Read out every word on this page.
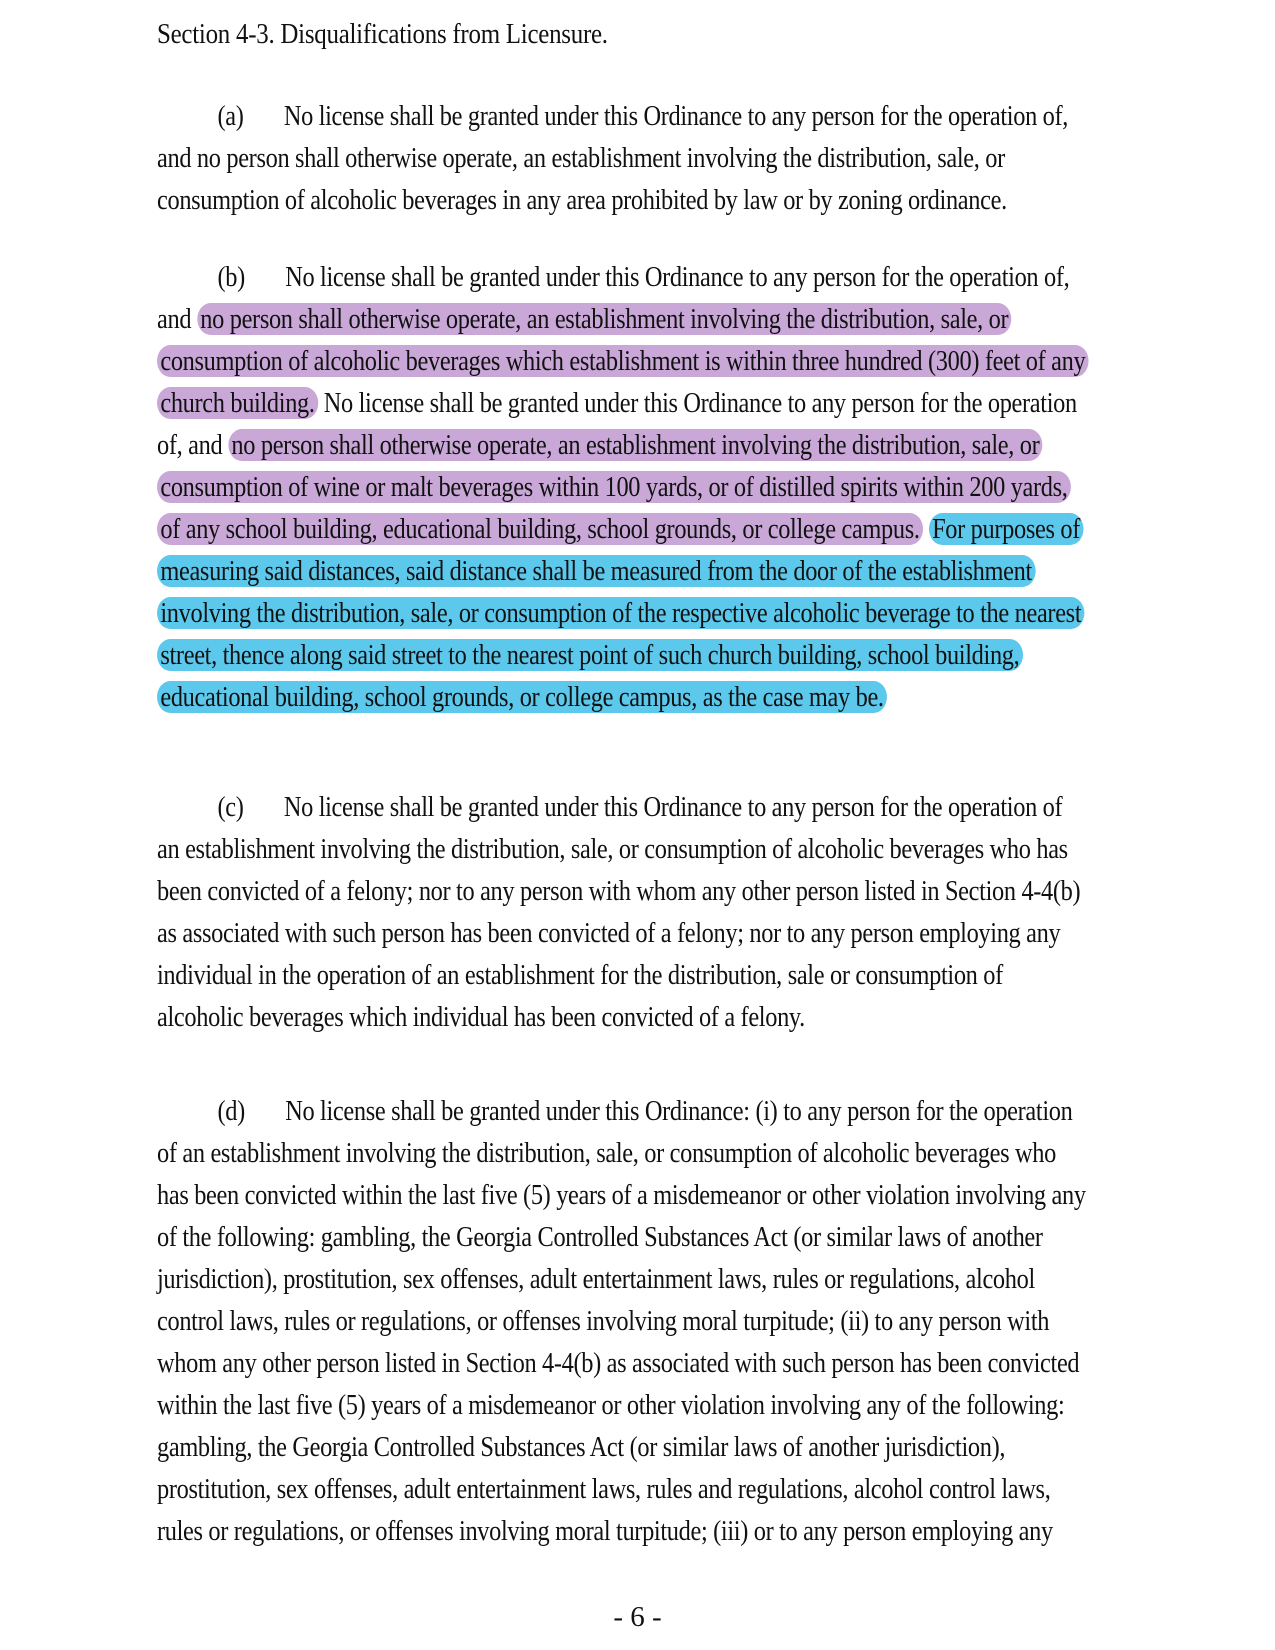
Section 4-3. Disqualifications from Licensure.
(a) No license shall be granted under this Ordinance to any person for the operation of,
and no person shall otherwise operate, an establishment involving the distribution, sale, or
consumption of alcoholic beverages in any area prohibited by law or by zoning ordinance.
(b) No license shall be granted under this Ordinance to any person for the operation of,
and no person shall otherwise operate, an establishment involving the distribution, sale, or
consumption of alcoholic beverages which establishment is within three hundred (300) feet of any
church building. No license shall be granted under this Ordinance to any person for the operation
of, and no person shall otherwise operate, an establishment involving the distribution, sale, or
consumption of wine or malt beverages within 100 yards, or of distilled spirits within 200 yards,
of any school building, educational building, school grounds, or college campus. For purposes of
measuring said distances, said distance shall be measured from the door of the establishment
involving the distribution, sale, or consumption of the respective alcoholic beverage to the nearest
street, thence along said street to the nearest point of such church building, school building,
educational building, school grounds, or college campus, as the case may be.
(c) No license shall be granted under this Ordinance to any person for the operation of
an establishment involving the distribution, sale, or consumption of alcoholic beverages who has
been convicted of a felony; nor to any person with whom any other person listed in Section 4-4(b)
as associated with such person has been convicted of a felony; nor to any person employing any
individual in the operation of an establishment for the distribution, sale or consumption of
alcoholic beverages which individual has been convicted of a felony.
(d) No license shall be granted under this Ordinance: (i) to any person for the operation
of an establishment involving the distribution, sale, or consumption of alcoholic beverages who
has been convicted within the last five (5) years of a misdemeanor or other violation involving any
of the following: gambling, the Georgia Controlled Substances Act (or similar laws of another
jurisdiction), prostitution, sex offenses, adult entertainment laws, rules or regulations, alcohol
control laws, rules or regulations, or offenses involving moral turpitude; (ii) to any person with
whom any other person listed in Section 4-4(b) as associated with such person has been convicted
within the last five (5) years of a misdemeanor or other violation involving any of the following:
gambling, the Georgia Controlled Substances Act (or similar laws of another jurisdiction),
prostitution, sex offenses, adult entertainment laws, rules and regulations, alcohol control laws,
rules or regulations, or offenses involving moral turpitude; (iii) or to any person employing any
- 6 -
